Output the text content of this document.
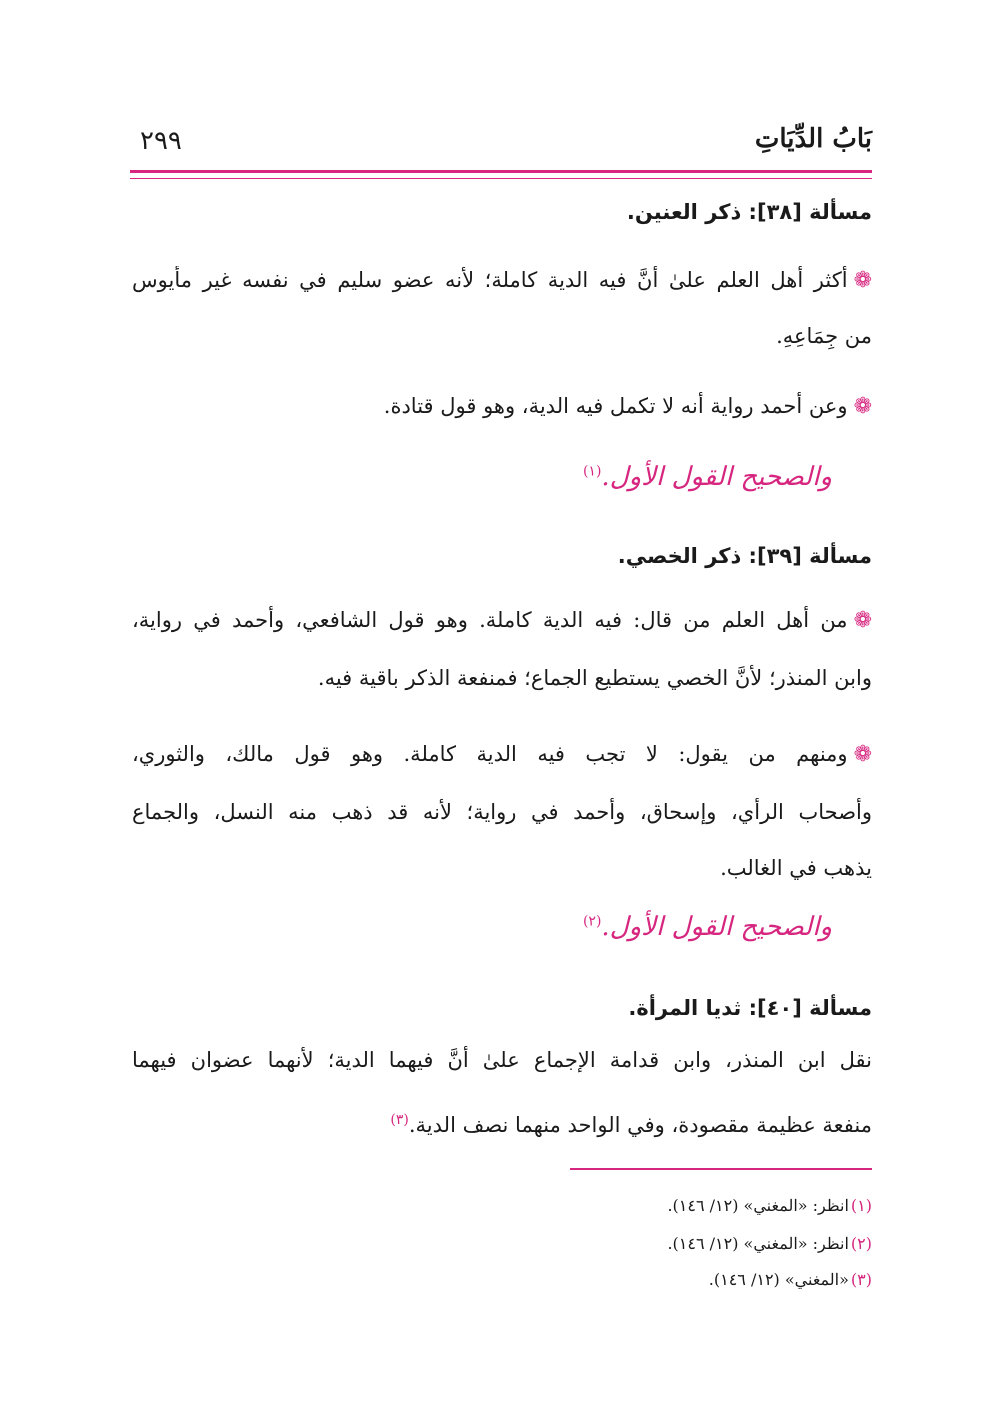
بَابُ الدِّيَاتِ
٢٩٩
مسألة [٣٨]: ذكر العنين.
❁أكثر أهل العلم علىٰ أنَّ فيه الدية كاملة؛ لأنه عضو سليم في نفسه غير مأيوس
من جِمَاعِهِ.
❁وعن أحمد رواية أنه لا تكمل فيه الدية، وهو قول قتادة.
والصحيح القول الأول.$^{(١)}$
مسألة [٣٩]: ذكر الخصي.
❁من أهل العلم من قال: فيه الدية كاملة. وهو قول الشافعي، وأحمد في رواية،
وابن المنذر؛ لأنَّ الخصي يستطيع الجماع؛ فمنفعة الذكر باقية فيه.
❁ومنهم من يقول: لا تجب فيه الدية كاملة. وهو قول مالك، والثوري،
وأصحاب الرأي، وإسحاق، وأحمد في رواية؛ لأنه قد ذهب منه النسل، والجماع
يذهب في الغالب.
والصحيح القول الأول.$^{(٢)}$
مسألة [٤٠]: ثديا المرأة.
نقل ابن المنذر، وابن قدامة الإجماع علىٰ أنَّ فيهما الدية؛ لأنهما عضوان فيهما
منفعة عظيمة مقصودة، وفي الواحد منهما نصف الدية.$^{(٣)}$
(١)انظر: «المغني» (١٢/ ١٤٦).
(٢)انظر: «المغني» (١٢/ ١٤٦).
(٣)«المغني» (١٢/ ١٤٦).
